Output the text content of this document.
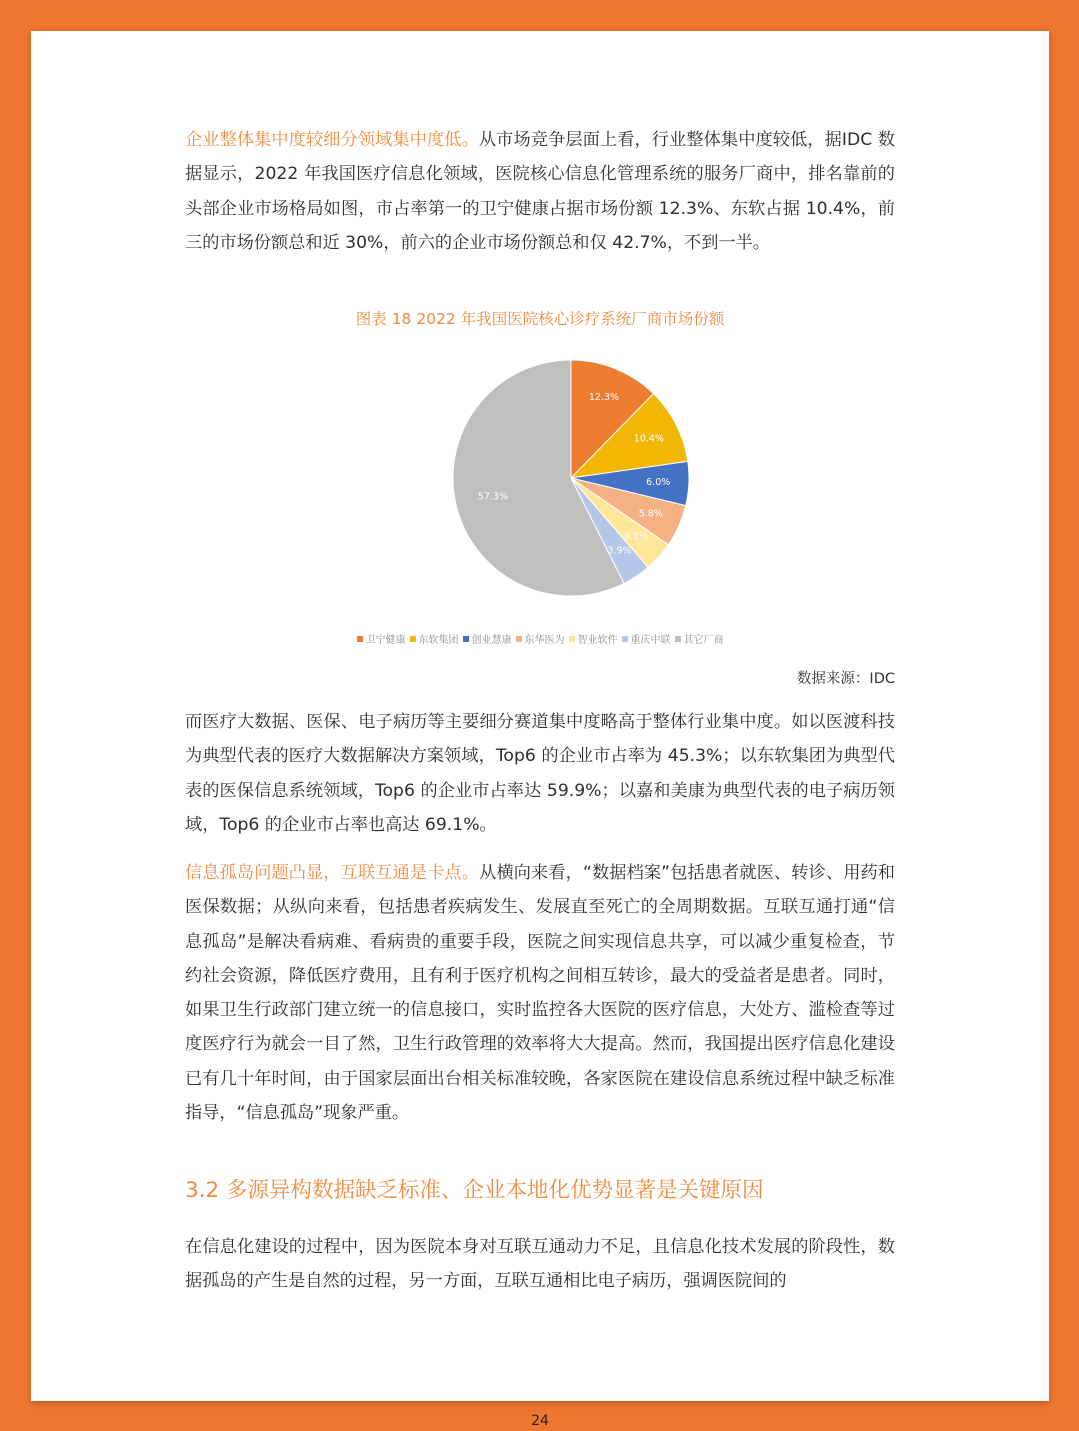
企业整体集中度较细分领域集中度低。从市场竞争层面上看，行业整体集中度较低，据IDC 数据显示，2022 年我国医疗信息化领域，医院核心信息化管理系统的服务厂商中，排名靠前的头部企业市场格局如图，市占率第一的卫宁健康占据市场份额 12.3%、东软占据 10.4%，前三的市场份额总和近 30%，前六的企业市场份额总和仅 42.7%，不到一半。

图表 18 2022 年我国医院核心诊疗系统厂商市场份额
12.3%
10.4%
6.0%
5.8%
4.1%
3.9%
57.3%
卫宁健康 东软集团 创业慧康 东华医为 智业软件 重庆中联 其它厂商
数据来源：IDC

而医疗大数据、医保、电子病历等主要细分赛道集中度略高于整体行业集中度。如以医渡科技为典型代表的医疗大数据解决方案领域，Top6 的企业市占率为 45.3%；以东软集团为典型代表的医保信息系统领域，Top6 的企业市占率达 59.9%；以嘉和美康为典型代表的电子病历领域，Top6 的企业市占率也高达 69.1%。

信息孤岛问题凸显，互联互通是卡点。从横向来看，“数据档案”包括患者就医、转诊、用药和医保数据；从纵向来看，包括患者疾病发生、发展直至死亡的全周期数据。互联互通打通“信息孤岛”是解决看病难、看病贵的重要手段，医院之间实现信息共享，可以减少重复检查，节约社会资源，降低医疗费用，且有利于医疗机构之间相互转诊，最大的受益者是患者。同时，如果卫生行政部门建立统一的信息接口，实时监控各大医院的医疗信息，大处方、滥检查等过度医疗行为就会一目了然，卫生行政管理的效率将大大提高。然而，我国提出医疗信息化建设已有几十年时间，由于国家层面出台相关标准较晚，各家医院在建设信息系统过程中缺乏标准指导，“信息孤岛”现象严重。

3.2 多源异构数据缺乏标准、企业本地化优势显著是关键原因

在信息化建设的过程中，因为医院本身对互联互通动力不足，且信息化技术发展的阶段性，数据孤岛的产生是自然的过程，另一方面，互联互通相比电子病历，强调医院间的

24
